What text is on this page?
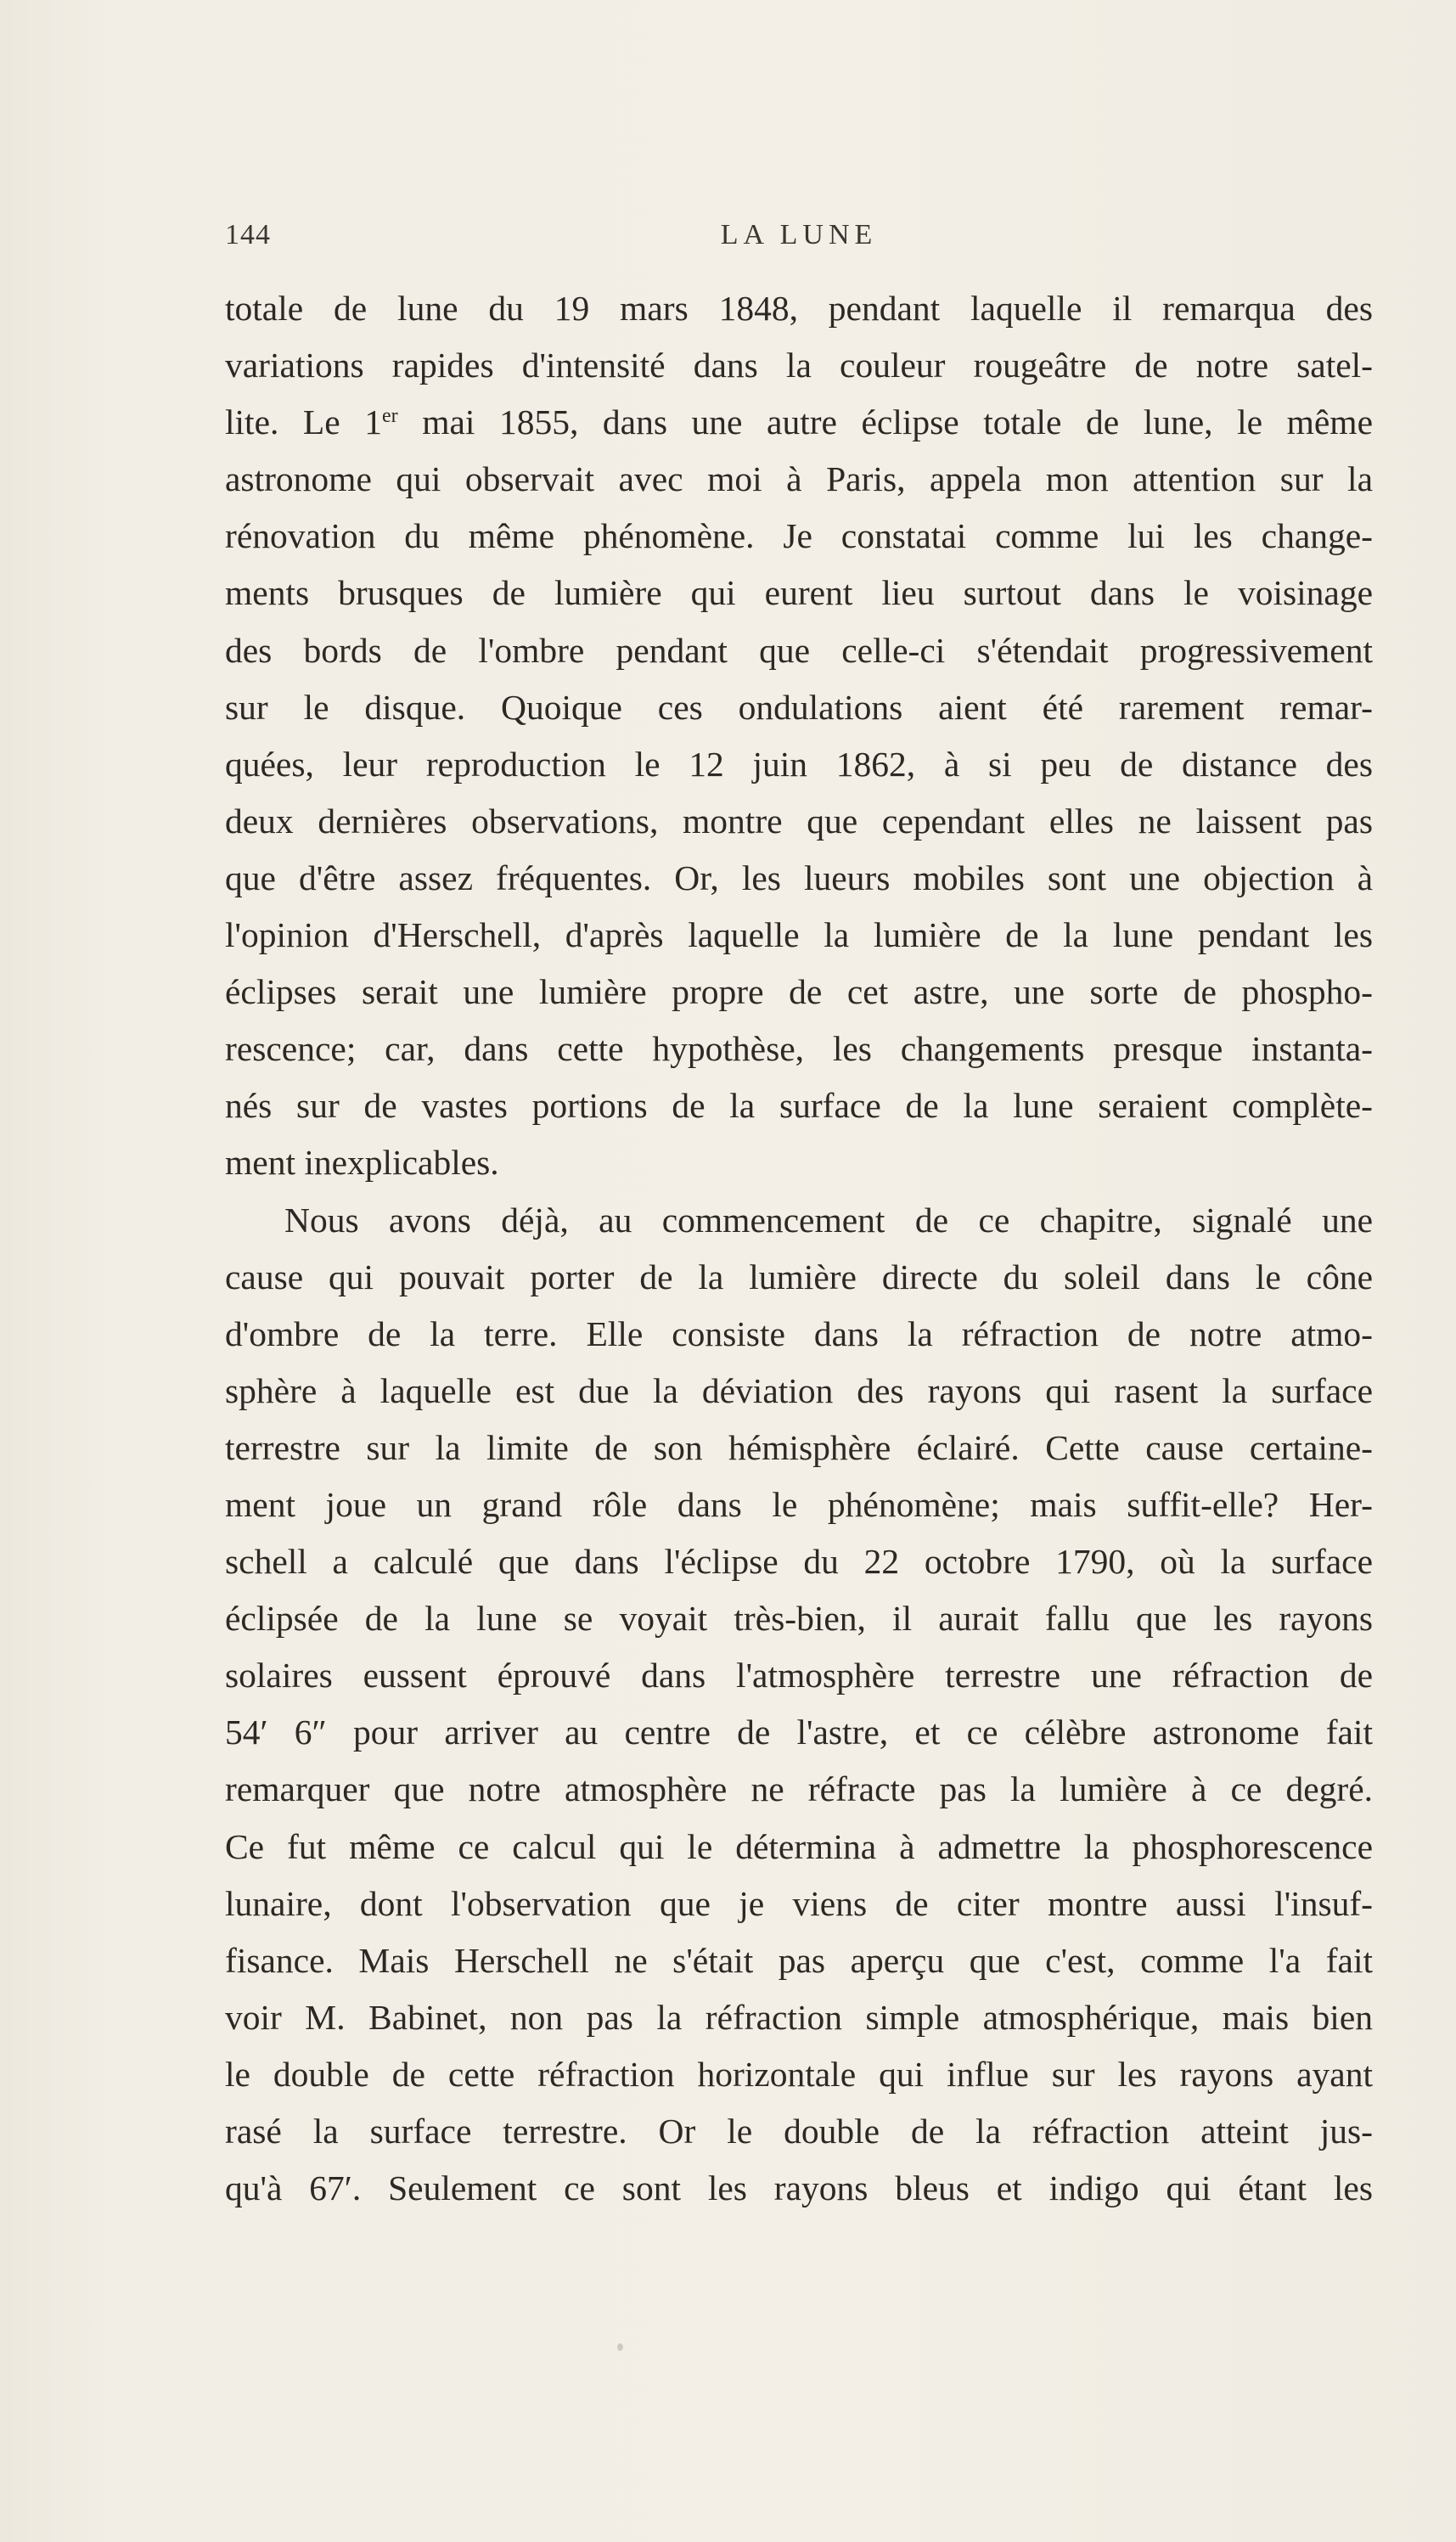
144	LA LUNE
totale de lune du 19 mars 1848, pendant laquelle il remarqua des
variations rapides d'intensité dans la couleur rougeâtre de notre satel-
lite. Le 1er mai 1855, dans une autre éclipse totale de lune, le même
astronome qui observait avec moi à Paris, appela mon attention sur la
rénovation du même phénomène. Je constatai comme lui les change-
ments brusques de lumière qui eurent lieu surtout dans le voisinage
des bords de l'ombre pendant que celle-ci s'étendait progressivement
sur le disque. Quoique ces ondulations aient été rarement remar-
quées, leur reproduction le 12 juin 1862, à si peu de distance des
deux dernières observations, montre que cependant elles ne laissent pas
que d'être assez fréquentes. Or, les lueurs mobiles sont une objection à
l'opinion d'Herschell, d'après laquelle la lumière de la lune pendant les
éclipses serait une lumière propre de cet astre, une sorte de phospho-
rescence; car, dans cette hypothèse, les changements presque instanta-
nés sur de vastes portions de la surface de la lune seraient complète-
ment inexplicables.
Nous avons déjà, au commencement de ce chapitre, signalé une
cause qui pouvait porter de la lumière directe du soleil dans le cône
d'ombre de la terre. Elle consiste dans la réfraction de notre atmo-
sphère à laquelle est due la déviation des rayons qui rasent la surface
terrestre sur la limite de son hémisphère éclairé. Cette cause certaine-
ment joue un grand rôle dans le phénomène; mais suffit-elle? Her-
schell a calculé que dans l'éclipse du 22 octobre 1790, où la surface
éclipsée de la lune se voyait très-bien, il aurait fallu que les rayons
solaires eussent éprouvé dans l'atmosphère terrestre une réfraction de
54′ 6″ pour arriver au centre de l'astre, et ce célèbre astronome fait
remarquer que notre atmosphère ne réfracte pas la lumière à ce degré.
Ce fut même ce calcul qui le détermina à admettre la phosphorescence
lunaire, dont l'observation que je viens de citer montre aussi l'insuf-
fisance. Mais Herschell ne s'était pas aperçu que c'est, comme l'a fait
voir M. Babinet, non pas la réfraction simple atmosphérique, mais bien
le double de cette réfraction horizontale qui influe sur les rayons ayant
rasé la surface terrestre. Or le double de la réfraction atteint jus-
qu'à 67′. Seulement ce sont les rayons bleus et indigo qui étant les
